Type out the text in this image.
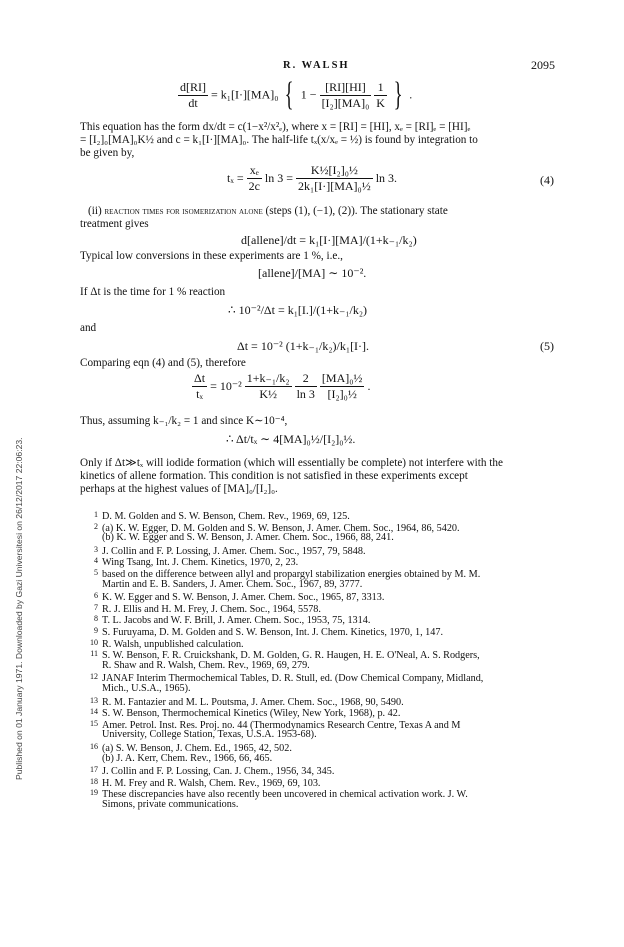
Published on 01 January 1971. Downloaded by Gazi Universitesi on 26/12/2017 22:06:23.
R. WALSH	2095
$\frac{d[RI]}{dt} = k_1[I\cdot][MA]_0$ { $1 - \frac{[RI][HI]}{\text{[I₂][MA]₀}}$
$\frac{1}{K}$ } .
This equation has the form dx/dt = c(1−x²/x²ₑ), where x = [RI] = [HI], xₑ = [RI]ₑ = [HI]ₑ
= [I₂]₀[MA]₀K½ and c = k₁[I·][MA]₀. The half-life tₓ(x/xₑ = ½) is found by integration to
be given by,
$t_x = \frac{\text{xₑ}}{2c}$ $\ln 3 = \frac{\text{K½[I₂]₀½}}{\text{2k₁[I·][MA]₀½}}$ ln 3.	(4)
(ii) reaction times for isomerization alone (steps (1), (−1), (2)). The stationary state
treatment gives
d[allene]/dt = k₁[I·][MA]/(1+k₋₁/k₂)
Typical low conversions in these experiments are 1 %, i.e.,
[allene]/[MA] ∼ 10⁻².
If Δt is the time for 1 % reaction
∴ 10⁻²/Δt = k₁[I.]/(1+k₋₁/k₂)
and
Δt = 10⁻² (1+k₋₁/k₂)/k₁[I·].	(5)
Comparing eqn (4) and (5), therefore
$\frac{\Delta t}{\text{tₓ}} = 10^{-2} \frac{\text{1+k₋₁/k₂}}{\text{K½}}$
$\frac{2}{\ln 3}$
$\frac{\text{[MA]₀½}}{\text{[I₂]₀½}}$ .
Thus, assuming k₋₁/k₂ = 1 and since K∼10⁻⁴,
∴ Δt/tₓ ∼ 4[MA]₀½/[I₂]₀½.
Only if Δt≫tₓ will iodide formation (which will essentially be complete) not interfere with the
kinetics of allene formation. This condition is not satisfied in these experiments except
perhaps at the highest values of [MA]₀/[I₂]₀.
1 D. M. Golden and S. W. Benson, Chem. Rev., 1969, 69, 125.
2 (a) K. W. Egger, D. M. Golden and S. W. Benson, J. Amer. Chem. Soc., 1964, 86, 5420.
(b) K. W. Egger and S. W. Benson, J. Amer. Chem. Soc., 1966, 88, 241.
3 J. Collin and F. P. Lossing, J. Amer. Chem. Soc., 1957, 79, 5848.
4 Wing Tsang, Int. J. Chem. Kinetics, 1970, 2, 23.
5 based on the difference between allyl and propargyl stabilization energies obtained by M. M.
Martin and E. B. Sanders, J. Amer. Chem. Soc., 1967, 89, 3777.
6 K. W. Egger and S. W. Benson, J. Amer. Chem. Soc., 1965, 87, 3313.
7 R. J. Ellis and H. M. Frey, J. Chem. Soc., 1964, 5578.
8 T. L. Jacobs and W. F. Brill, J. Amer. Chem. Soc., 1953, 75, 1314.
9 S. Furuyama, D. M. Golden and S. W. Benson, Int. J. Chem. Kinetics, 1970, 1, 147.
10 R. Walsh, unpublished calculation.
11 S. W. Benson, F. R. Cruickshank, D. M. Golden, G. R. Haugen, H. E. O'Neal, A. S. Rodgers,
R. Shaw and R. Walsh, Chem. Rev., 1969, 69, 279.
12 JANAF Interim Thermochemical Tables, D. R. Stull, ed. (Dow Chemical Company, Midland,
Mich., U.S.A., 1965).
13 R. M. Fantazier and M. L. Poutsma, J. Amer. Chem. Soc., 1968, 90, 5490.
14 S. W. Benson, Thermochemical Kinetics (Wiley, New York, 1968), p. 42.
15 Amer. Petrol. Inst. Res. Proj. no. 44 (Thermodynamics Research Centre, Texas A and M
University, College Station, Texas, U.S.A. 1953-68).
16 (a) S. W. Benson, J. Chem. Ed., 1965, 42, 502.
(b) J. A. Kerr, Chem. Rev., 1966, 66, 465.
17 J. Collin and F. P. Lossing, Can. J. Chem., 1956, 34, 345.
18 H. M. Frey and R. Walsh, Chem. Rev., 1969, 69, 103.
19 These discrepancies have also recently been uncovered in chemical activation work. J. W.
Simons, private communications.
